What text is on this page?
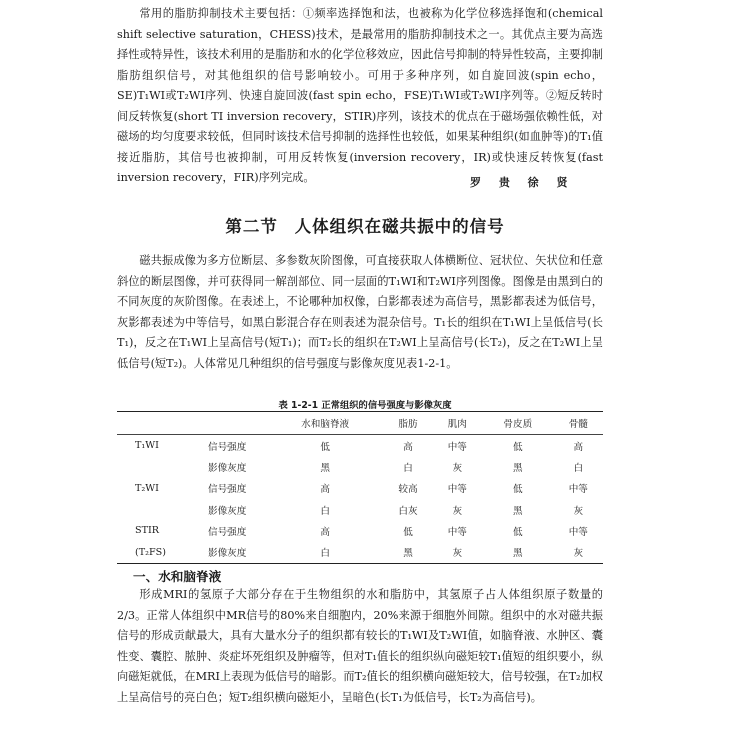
常用的脂肪抑制技术主要包括：①频率选择饱和法，也被称为化学位移选择饱和(chemical shift selective saturation，CHESS)技术，是最常用的脂肪抑制技术之一。其优点主要为高选择性或特异性，该技术利用的是脂肪和水的化学位移效应，因此信号抑制的特异性较高，主要抑制脂肪组织信号，对其他组织的信号影响较小。可用于多种序列，如自旋回波(spin echo，SE)T₁WI或T₂WI序列、快速自旋回波(fast spin echo，FSE)T₁WI或T₂WI序列等。②短反转时间反转恢复(short TI inversion recovery，STIR)序列，该技术的优点在于磁场强依赖性低，对磁场的均匀度要求较低，但同时该技术信号抑制的选择性也较低，如果某种组织(如血肿等)的T₁值接近脂肪，其信号也被抑制，可用反转恢复(inversion recovery，IR)或快速反转恢复(fast inversion recovery，FIR)序列完成。	罗 贵 徐 贤
第二节 人体组织在磁共振中的信号

磁共振成像为多方位断层、多参数灰阶图像，可直接获取人体横断位、冠状位、矢状位和任意斜位的断层图像，并可获得同一解剖部位、同一层面的T₁WI和T₂WI序列图像。图像是由黑到白的不同灰度的灰阶图像。在表述上，不论哪种加权像，白影都表述为高信号，黑影都表述为低信号，灰影都表述为中等信号，如黑白影混合存在则表述为混杂信号。T₁长的组织在T₁WI上呈低信号(长T₁)，反之在T₁WI上呈高信号(短T₁)；而T₂长的组织在T₂WI上呈高信号(长T₂)，反之在T₂WI上呈低信号(短T₂)。人体常见几种组织的信号强度与影像灰度见表1-2-1。

表 1-2-1 正常组织的信号强度与影像灰度
		水和脑脊液	脂肪	肌肉	骨皮质	骨髓
T₁WI	信号强度	低	高	中等	低	高
	影像灰度	黑	白	灰	黑	白
T₂WI	信号强度	高	较高	中等	低	中等
	影像灰度	白	白灰	灰	黑	灰
STIR	信号强度	高	低	中等	低	中等
(T₂FS)	影像灰度	白	黑	灰	黑	灰
一、水和脑脊液

形成MRI的氢原子大部分存在于生物组织的水和脂肪中，其氢原子占人体组织原子数量的2/3。正常人体组织中MR信号的80%来自细胞内，20%来源于细胞外间隙。组织中的水对磁共振信号的形成贡献最大，具有大量水分子的组织都有较长的T₁WI及T₂WI值，如脑脊液、水肿区、囊性变、囊腔、脓肿、炎症坏死组织及肿瘤等，但对T₁值长的组织纵向磁矩较T₁值短的组织要小，纵向磁矩就低，在MRI上表现为低信号的暗影。而T₂值长的组织横向磁矩较大，信号较强，在T₂加权上呈高信号的亮白色；短T₂组织横向磁矩小，呈暗色(长T₁为低信号，长T₂为高信号)。
